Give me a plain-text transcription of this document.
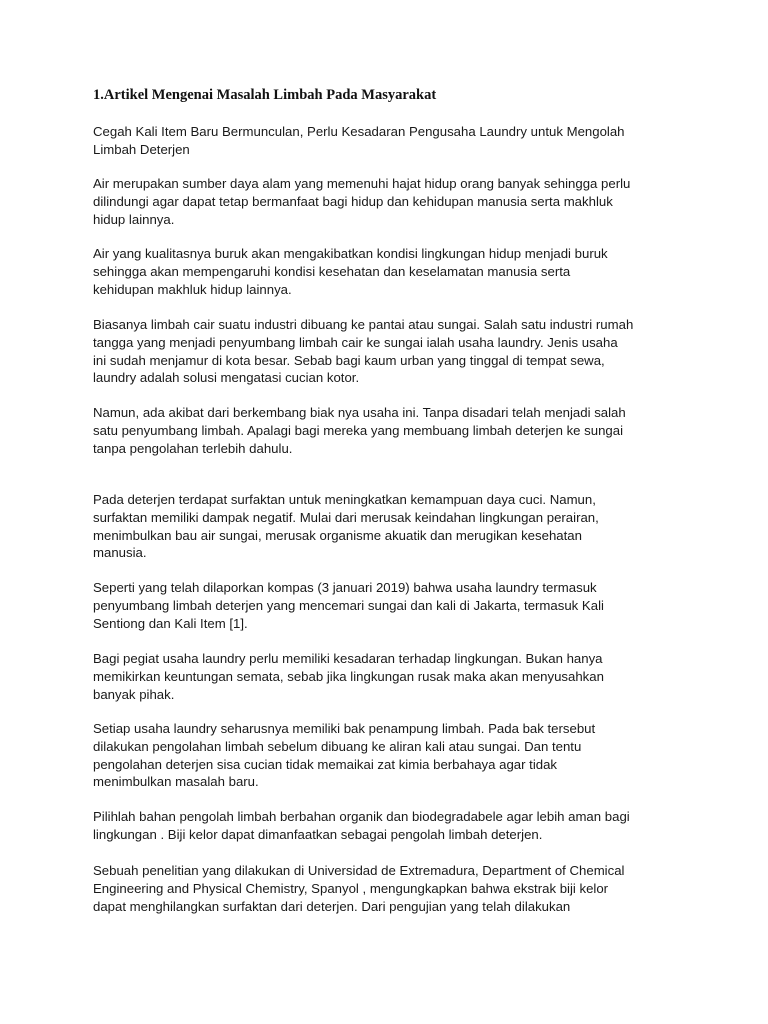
1.Artikel Mengenai Masalah Limbah Pada Masyarakat

Cegah Kali Item Baru Bermunculan, Perlu Kesadaran Pengusaha Laundry untuk Mengolah
Limbah Deterjen

Air merupakan sumber daya alam yang memenuhi hajat hidup orang banyak sehingga perlu
dilindungi agar dapat tetap bermanfaat bagi hidup dan kehidupan manusia serta makhluk
hidup lainnya.

Air yang kualitasnya buruk akan mengakibatkan kondisi lingkungan hidup menjadi buruk
sehingga akan mempengaruhi kondisi kesehatan dan keselamatan manusia serta
kehidupan makhluk hidup lainnya.

Biasanya limbah cair suatu industri dibuang ke pantai atau sungai. Salah satu industri rumah
tangga yang menjadi penyumbang limbah cair ke sungai ialah usaha laundry. Jenis usaha
ini sudah menjamur di kota besar. Sebab bagi kaum urban yang tinggal di tempat sewa,
laundry adalah solusi mengatasi cucian kotor.

Namun, ada akibat dari berkembang biak nya usaha ini. Tanpa disadari telah menjadi salah
satu penyumbang limbah. Apalagi bagi mereka yang membuang limbah deterjen ke sungai
tanpa pengolahan terlebih dahulu.

Pada deterjen terdapat surfaktan untuk meningkatkan kemampuan daya cuci. Namun,
surfaktan memiliki dampak negatif. Mulai dari merusak keindahan lingkungan perairan,
menimbulkan bau air sungai, merusak organisme akuatik dan merugikan kesehatan
manusia.

Seperti yang telah dilaporkan kompas (3 januari 2019) bahwa usaha laundry termasuk
penyumbang limbah deterjen yang mencemari sungai dan kali di Jakarta, termasuk Kali
Sentiong dan Kali Item [1].

Bagi pegiat usaha laundry perlu memiliki kesadaran terhadap lingkungan. Bukan hanya
memikirkan keuntungan semata, sebab jika lingkungan rusak maka akan menyusahkan
banyak pihak.

Setiap usaha laundry seharusnya memiliki bak penampung limbah. Pada bak tersebut
dilakukan pengolahan limbah sebelum dibuang ke aliran kali atau sungai. Dan tentu
pengolahan deterjen sisa cucian tidak memaikai zat kimia berbahaya agar tidak
menimbulkan masalah baru.

Pilihlah bahan pengolah limbah berbahan organik dan biodegradabele agar lebih aman bagi
lingkungan . Biji kelor dapat dimanfaatkan sebagai pengolah limbah deterjen.

Sebuah penelitian yang dilakukan di Universidad de Extremadura, Department of Chemical
Engineering and Physical Chemistry, Spanyol , mengungkapkan bahwa ekstrak biji kelor
dapat menghilangkan surfaktan dari deterjen. Dari pengujian yang telah dilakukan
